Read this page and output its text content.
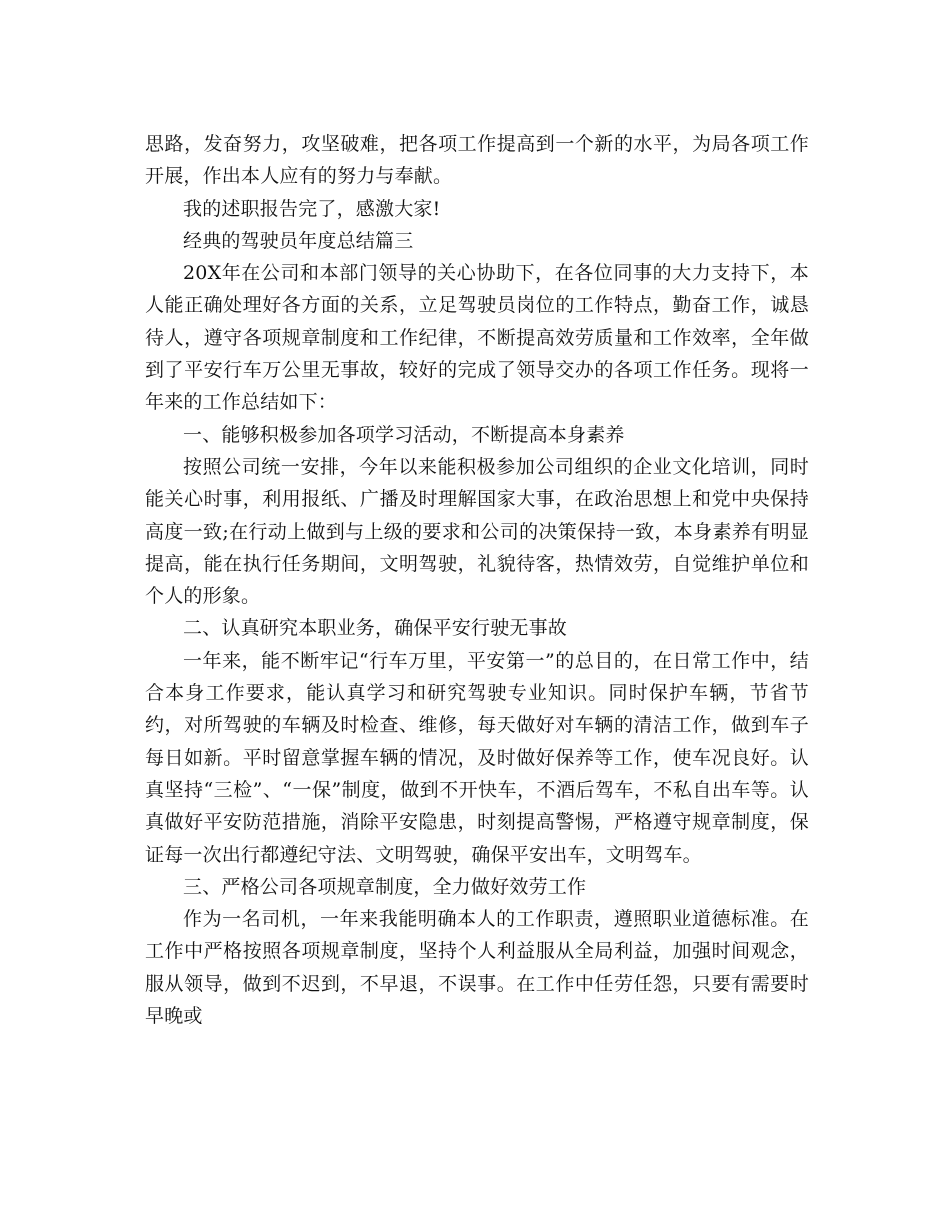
思路，发奋努力，攻坚破难，把各项工作提高到一个新的水平，为局各项工作开展，作出本人应有的努力与奉献。

我的述职报告完了，感激大家!

经典的驾驶员年度总结篇三

20X年在公司和本部门领导的关心协助下，在各位同事的大力支持下，本人能正确处理好各方面的关系，立足驾驶员岗位的工作特点，勤奋工作，诚恳待人，遵守各项规章制度和工作纪律，不断提高效劳质量和工作效率，全年做到了平安行车万公里无事故，较好的完成了领导交办的各项工作任务。现将一年来的工作总结如下：

一、能够积极参加各项学习活动，不断提高本身素养

按照公司统一安排，今年以来能积极参加公司组织的企业文化培训，同时能关心时事，利用报纸、广播及时理解国家大事，在政治思想上和党中央保持高度一致;在行动上做到与上级的要求和公司的决策保持一致，本身素养有明显提高，能在执行任务期间，文明驾驶，礼貌待客，热情效劳，自觉维护单位和个人的形象。

二、认真研究本职业务，确保平安行驶无事故

一年来，能不断牢记“行车万里，平安第一”的总目的，在日常工作中，结合本身工作要求，能认真学习和研究驾驶专业知识。同时保护车辆，节省节约，对所驾驶的车辆及时检查、维修，每天做好对车辆的清洁工作，做到车子每日如新。平时留意掌握车辆的情况，及时做好保养等工作，使车况良好。认真坚持“三检”、“一保”制度，做到不开快车，不酒后驾车，不私自出车等。认真做好平安防范措施，消除平安隐患，时刻提高警惕，严格遵守规章制度，保证每一次出行都遵纪守法、文明驾驶，确保平安出车，文明驾车。

三、严格公司各项规章制度，全力做好效劳工作

作为一名司机，一年来我能明确本人的工作职责，遵照职业道德标准。在工作中严格按照各项规章制度，坚持个人利益服从全局利益，加强时间观念，服从领导，做到不迟到，不早退，不误事。在工作中任劳任怨，只要有需要时早晚或
